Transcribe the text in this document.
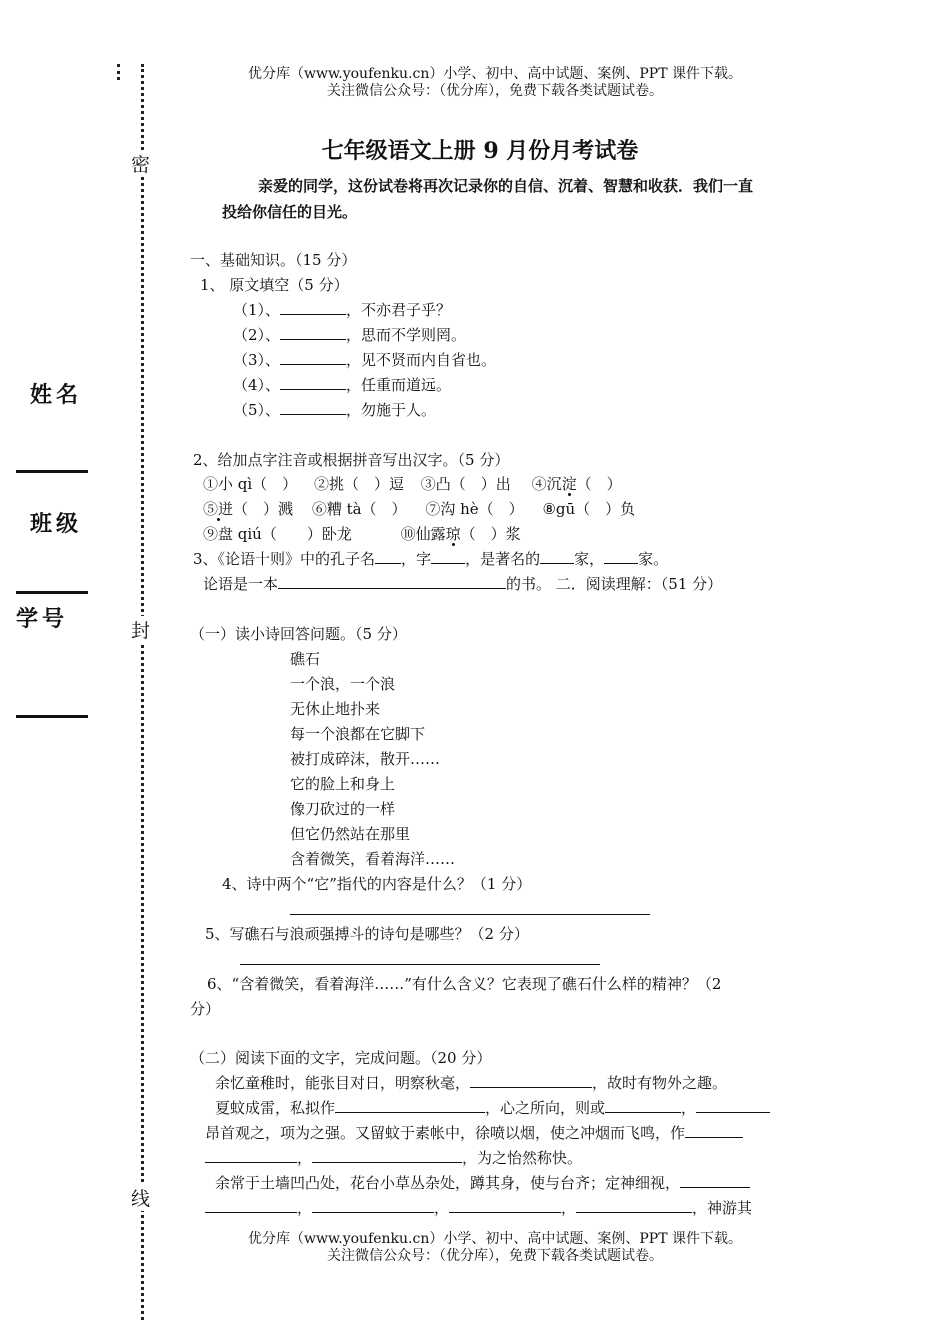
优分库（www.youfenku.cn）小学、初中、高中试题、案例、PPT 课件下载。
关注微信公众号：（优分库），免费下载各类试题试卷。
密
封
线
姓名
班级
学号
七年级语文上册 9 月份月考试卷
亲爱的同学，这份试卷将再次记录你的自信、沉着、智慧和收获．我们一直
投给你信任的目光。
一、基础知识。（15 分）
1、 原文填空（5 分）
（1）、	，不亦君子乎？
（2）、	，思而不学则罔。
（3）、	，见不贤而内自省也。
（4）、	，任重而道远。
（5）、	，勿施于人。
2、给加点字注音或根据拼音写出汉字。（5 分）
①小 qì（　） ②挑（　）逗 ③凸（　）出 ④沉淀（　）
⑤迸（　）溅 ⑥糟 tà（　） ⑦沟 hè（　） ⑧gū（　）负
⑨盘 qiú（　　）卧龙	⑩仙露琼（　）浆
3、《论语十则》中的孔子名 ，字 ，是著名的 家， 家。
论语是一本	的书。 二．阅读理解：（51 分）
（一）读小诗回答问题。（5 分）
礁石
一个浪，一个浪
无休止地扑来
每一个浪都在它脚下
被打成碎沫，散开……
它的脸上和身上
像刀砍过的一样
但它仍然站在那里
含着微笑，看着海洋……
4、诗中两个“它”指代的内容是什么？（1 分）
5、写礁石与浪顽强搏斗的诗句是哪些？（2 分）
6、“含着微笑，看着海洋……”有什么含义？它表现了礁石什么样的精神？（2
分）
（二）阅读下面的文字，完成问题。（20 分）
余忆童稚时，能张目对日，明察秋毫，	，故时有物外之趣。
夏蚊成雷，私拟作	，心之所向，则或	，
昂首观之，项为之强。又留蚊于素帐中，徐喷以烟，使之冲烟而飞鸣，作
，	，为之怡然称快。
余常于土墙凹凸处，花台小草丛杂处，蹲其身，使与台齐；定神细视，
，	，	，	，神游其
优分库（www.youfenku.cn）小学、初中、高中试题、案例、PPT 课件下载。
关注微信公众号：（优分库），免费下载各类试题试卷。
